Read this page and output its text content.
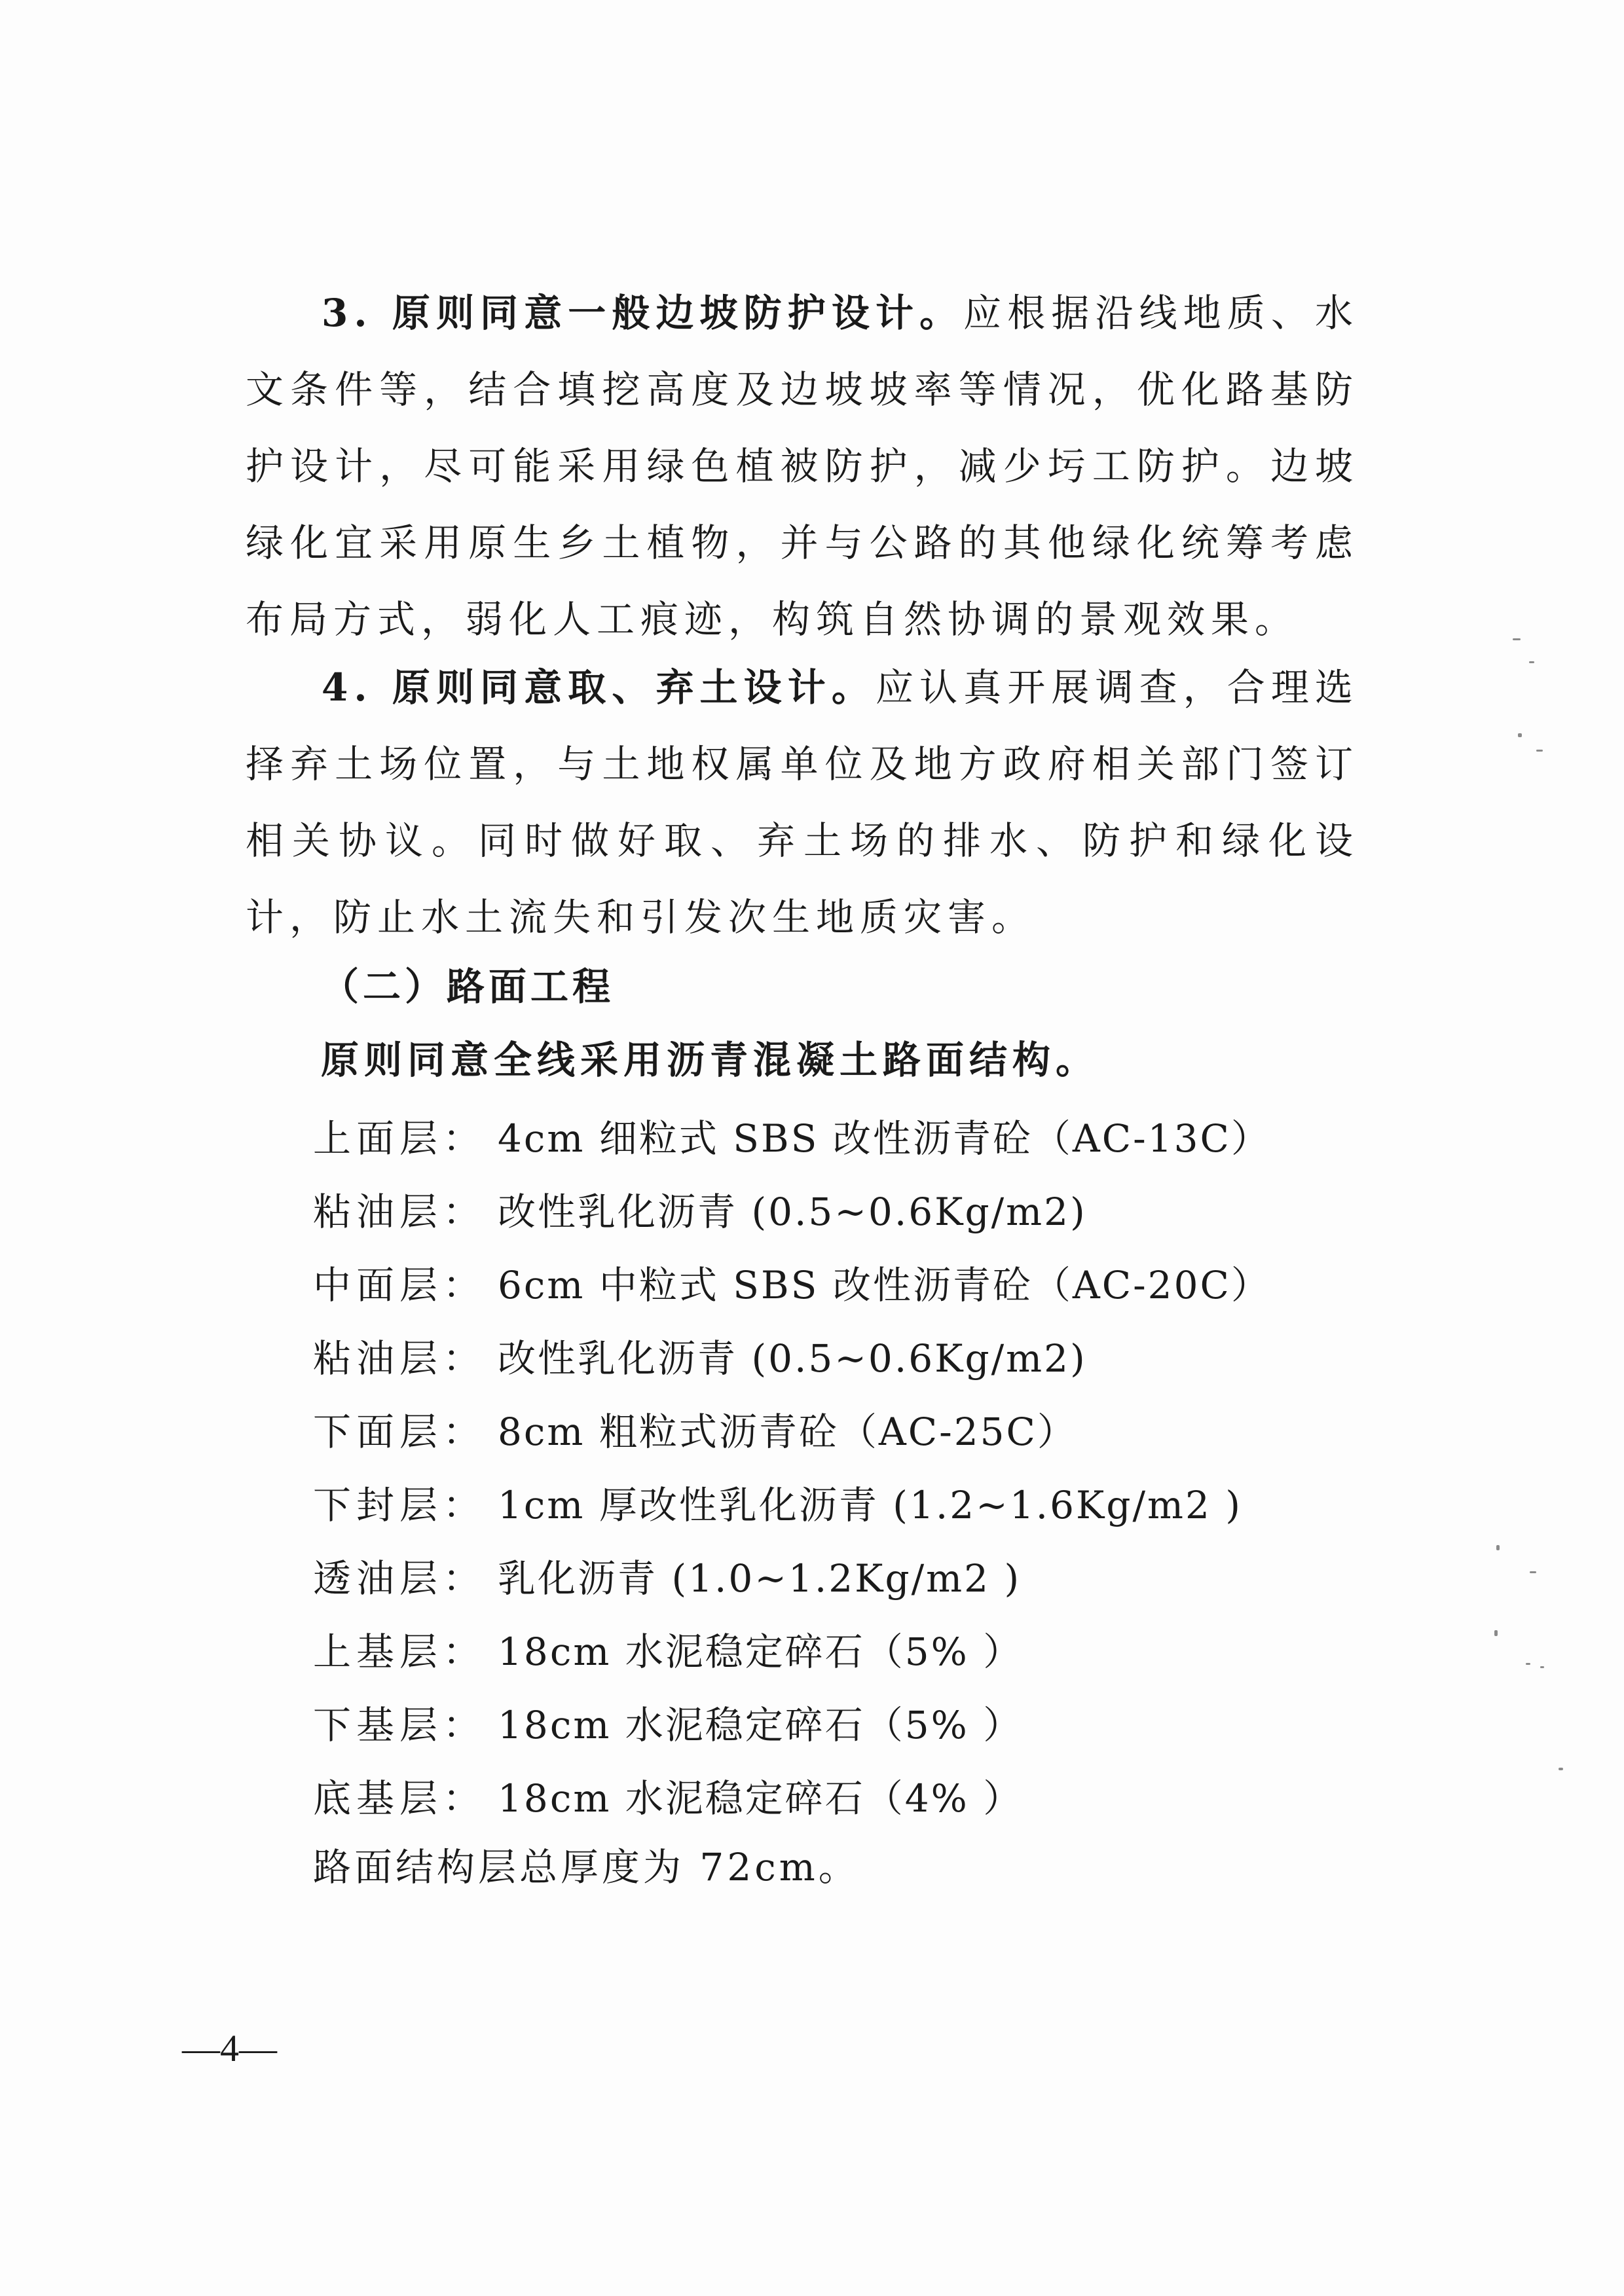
3. 原则同意一般边坡防护设计。应根据沿线地质、水文条件等，结合填挖高度及边坡坡率等情况，优化路基防护设计，尽可能采用绿色植被防护，减少圬工防护。边坡绿化宜采用原生乡土植物，并与公路的其他绿化统筹考虑布局方式，弱化人工痕迹，构筑自然协调的景观效果。

4. 原则同意取、弃土设计。应认真开展调查，合理选择弃土场位置，与土地权属单位及地方政府相关部门签订相关协议。同时做好取、弃土场的排水、防护和绿化设计，防止水土流失和引发次生地质灾害。

（二）路面工程

原则同意全线采用沥青混凝土路面结构。

上面层： 4cm 细粒式 SBS 改性沥青砼（AC-13C）
粘油层： 改性乳化沥青 (0.5~0.6Kg/m2)
中面层： 6cm 中粒式 SBS 改性沥青砼（AC-20C）
粘油层： 改性乳化沥青 (0.5~0.6Kg/m2)
下面层： 8cm 粗粒式沥青砼（AC-25C）
下封层： 1cm 厚改性乳化沥青 (1.2~1.6Kg/m2 )
透油层： 乳化沥青 (1.0~1.2Kg/m2 )
上基层： 18cm 水泥稳定碎石（5% ）
下基层： 18cm 水泥稳定碎石（5% ）
底基层： 18cm 水泥稳定碎石（4% ）

路面结构层总厚度为 72cm。

—4—
